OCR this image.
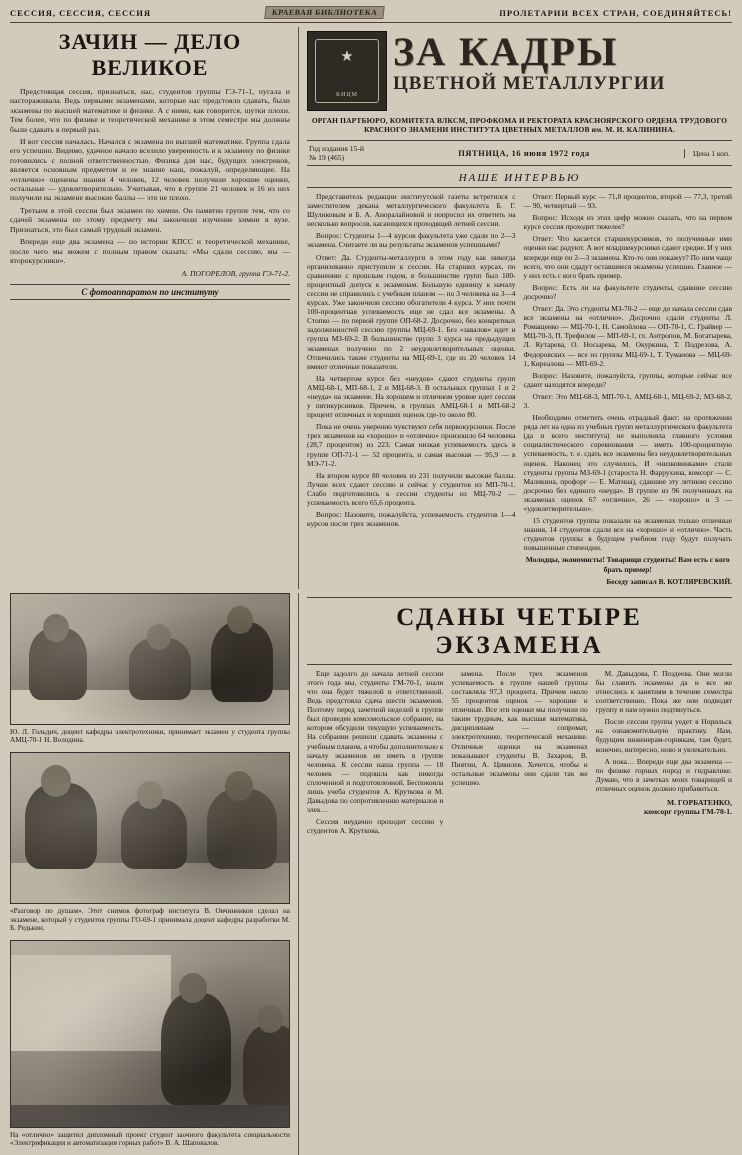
СЕССИЯ, СЕССИЯ, СЕССИЯ	КРАЕВАЯ БИБЛИОТЕКА	ПРОЛЕТАРИИ ВСЕХ СТРАН, СОЕДИНЯЙТЕСЬ!
ЗАЧИН — ДЕЛО ВЕЛИКОЕ

Предстоящая сессия, признаться, нас, студентов группы ГЭ-71-1, пугала и настораживала. Ведь первыми экзаменами, которые нас предстояло сдавать, были экзамены по высшей математике и физике. А с ними, как говорится, шутки плохи. Тем более, что по физике и теоретической механике в этом семестре мы должны были сдавать в первый раз.

И вот сессия началась. Начался с экзамена по высшей математике. Группа сдала его успешно. Видимо, удачное начало вселило уверенность и к экзамену по физике готовились с полной ответственностью. Физика для нас, будущих электриков, является основным предметом и ее знание наш, пожалуй, определяющее. На «отлично» оценены знания 4 человек, 12 человек получили хорошие оценки, остальные — удовлетворительно. Учитывая, что в группе 21 человек и 16 из них получили на экзамене высокие баллы — это не плохо.

Третьим в этой сессии был экзамен по химии. Он памятен группе тем, что со сдачей экзамена по этому предмету мы закончили изучение химии в вузе. Признаться, это был самый трудный экзамен.

Впереди еще два экзамена — по истории КПСС и теоретической механике, после чего мы можем с полным правом сказать: «Мы сдали сессию, мы — второкурсники».

А. ПОГОРЕЛОВ, группа ГЭ-71-2.
С фотоаппаратом по институту
★
КИЦМ
ЗА КАДРЫ
ЦВЕТНОЙ МЕТАЛЛУРГИИ
ОРГАН ПАРТБЮРО, КОМИТЕТА ВЛКСМ, ПРОФКОМА И РЕКТОРАТА КРАСНОЯРСКОГО ОРДЕНА ТРУДОВОГО КРАСНОГО ЗНАМЕНИ ИНСТИТУТА ЦВЕТНЫХ МЕТАЛЛОВ им. М. И. КАЛИНИНА.
Год издания 15-й
№ 19 (465)	ПЯТНИЦА, 16 июня 1972 года	Цена 1 коп.
НАШЕ ИНТЕРВЬЮ

Представитель редакции институтской газеты встретился с заместителем декана металлургического факультета Б. Г. Шуликовым и Б. А. Аноралайновой и попросил их ответить на несколько вопросов, касающихся проходящей летней сессии.

Вопрос: Студенты 1—4 курсов факультета уже сдали по 2—3 экзамена. Считаете ли вы результаты экзаменов успешными?

Ответ: Да. Студенты-металлурги в этом году как никогда организованно приступили к сессии. На старших курсах, по сравнению с прошлым годом, в большинстве групп был 100-процентный допуск к экзаменам. Большую единицу к началу сессии не справились с учебным планом — по 3 человека на 3—4 курсах. Уже закончили сессию обогатители 4 курса. У них почти 100-процентная успеваемость еще не сдал все экзамены. А Стопко — по первой группе ОП-68-2. Досрочно, без конкретных задолженностей сессию группы МЦ-69-1. Без «завалов» идет и группа МЗ-69-2. В большинстве групп 3 курса на предыдущих экзаменах получено по 2 неудовлетворительных оценки. Отличились также студенты на МЦ-69-1, где из 20 человек 14 имеют отличные показатели.

На четвертом курсе без «неудов» сдают студенты групп АМЦ-68-1, МП-68-1, 2 и МЦ-68-3. В остальных группах 1 и 2 «неуда» на экзамене. На хорошем и отличном уровне идет сессия у пятикурсников. Причем, в группах АМЦ-68-1 и МП-68-2 процент отличных и хороших оценок где-то около 80.

Пока не очень уверенно чувствуют себя первокурсники. После трех экзаменов на «хорошо» и «отлично» произошло 64 человека (28,7 процентов) из 223. Самая низкая успеваемость здесь в группе ОП-71-1 — 52 процента, и самая высокая — 95,9 — в МЭ-71-2.

На втором курсе 80 человек из 231 получили высокие баллы. Лучше всех сдают сессию и сейчас у студентов из МП-70-1. Слабо подготовились к сессии студенты из МЦ-70-2 — успеваемость всего 65,6 процента.

Вопрос: Назовите, пожалуйста, успеваемость студентов 1—4 курсов после трех экзаменов.

Ответ: Первый курс — 71,8 процентов, второй — 77,3, третий — 90, четвертый — 93.

Вопрос: Исходя из этих цифр можно сказать, что на первом курсе сессия проходит тяжелее?

Ответ: Что касается старшекурсников, то полученные ими оценки нас радуют. А вот младшекурсники сдают средне. И у них впереди еще по 2—3 экзамена. Кто-то они покажут? По ним чаще всего, что они сдадут оставшиеся экзамены успешно. Главное — у них есть с кого брать пример.

Вопрос: Есть ли на факультете студенты, сдавшие сессию досрочно?

Ответ: Да. Это студенты МЗ-70-2 — еще до начала сессии сдав все экзамены на «отлично». Досрочно сдали студенты Л. Ромащенко — МЦ-70-1, Н. Самойлова — ОП-70-1, С. Грайвер — МЦ-70-3, П. Трефилов — МП-69-1, гл. Антропов, М. Богатырева, Л. Кутарева, О. Носырева, М. Окуркина, Т. Подрезова, А. Федоровских — все из группы МЦ-69-1, Т. Туманова — МЦ-69-1, Киреалова — МП-69-2.

Вопрос: Назовите, пожалуйста, группы, которые сейчас все сдают находятся впереди?

Ответ: Это МЦ-68-3, МП-70-1, АМЦ-68-1, МЦ-69-2, МЗ-68-2, 3.

Необходимо отметить очень отрадный факт: на протяжении ряда лет на одна из учебных групп металлургического факультета (да и всего института) не выполняла главного условия социалистического соревнования — иметь 100-процентную успеваемость, т. е. сдать все экзамены без неудовлетворительных оценок. Наконец это случилось. И «низковинками» стали студенты группы МЗ-69-1 (староста Н. Фаррухина, комсорг — С. Маликина, профорг — Е. Матина), сдавшие эту летнюю сессию досрочно без единого «неуда». В группе из 96 полученных на экзаменах оценок 67 «отлично», 26 — «хорошо» и 3 — «удовлетворительно».

15 студентов группы показали на экзаменах только отличные знания, 14 студентов сдали все на «хорошо» и «отлично». Часть студентов группы в будущем учебном году будут получать повышенные стипендии.

Молодцы, экономисты! Товарищи студенты! Вам есть с кого брать пример!

Беседу записал В. КОТЛЯРЕВСКИЙ.

Ю. Л. Гольдич, доцент кафедры электротехники, принимает экзамен у студента группы АМЦ-70-1 Н. Володина.
«Разговор по душам». Этот снимок фотограф института В. Овчинников сделал на экзамене, который у студентов группы ГО-69-1 принимала доцент кафедры разработки М. Б. Редькин.
На «отлично» защитил дипломный проект студент заочного факультета специальности «Электрификация и автоматизация горных работ» В. А. Шаповалов.
СДАНЫ ЧЕТЫРЕ
ЭКЗАМЕНА

Еще задолго до начала летней сессии этого года мы, студенты ГМ-70-1, знали что она будет тяжелой и ответственной. Ведь предстояла сдача шести экзаменов. Поэтому перед зачетной неделей в группе был проведен комсомольское собрание, на котором обсудили текущую успеваемость. На собрании решили сдавать экзамены с учебным планом, а чтобы дополнительно к началу экзаменов не иметь в группе человека. К сессии наша группа — 18 человек — подошла как никогда сплоченной и подготовленной. Беспокоила лишь учеба студентов А. Круткова и М. Давыдова по сопротивлению материалов и элек…

Сессия неудачно проходит сессию у студентов А. Круткова,

замена. После трех экзаменов успеваемость в группе нашей группы составляла 97,3 процента. Причем около 55 процентов оценок — хорошие и отличные. Все эти оценки мы получили по таким трудным, как высшая математика, дисциплинам — сопромат, электротехнике, теоретической механике. Отличные оценки на экзаменах показывают студенты В. Захаров, В. Пнятин, А. Цивилев. Хочется, чтобы и остальные экзамены они сдали так же успешно.

М. Давыдова, Г. Поздеева. Они могли бы славить экзамены да и все же отнеслись к занятиям в течение семестра соответственно. Пока же они подводят группу и нам нужно подтянуться.

После сессии группа уедет в Норильск на ознакомительную практику. Нам, будущим инженерам-горнякам, там будет, конечно, интересно, ново и увлекательно.

А пока… Впереди еще два экзамена — по физике горных пород и гидравлике. Думаю, что в зачетках моих товарищей и отличных оценок должно прибавиться.

М. ГОРБАТЕНКО,
комсорг группы ГМ-70-1.
